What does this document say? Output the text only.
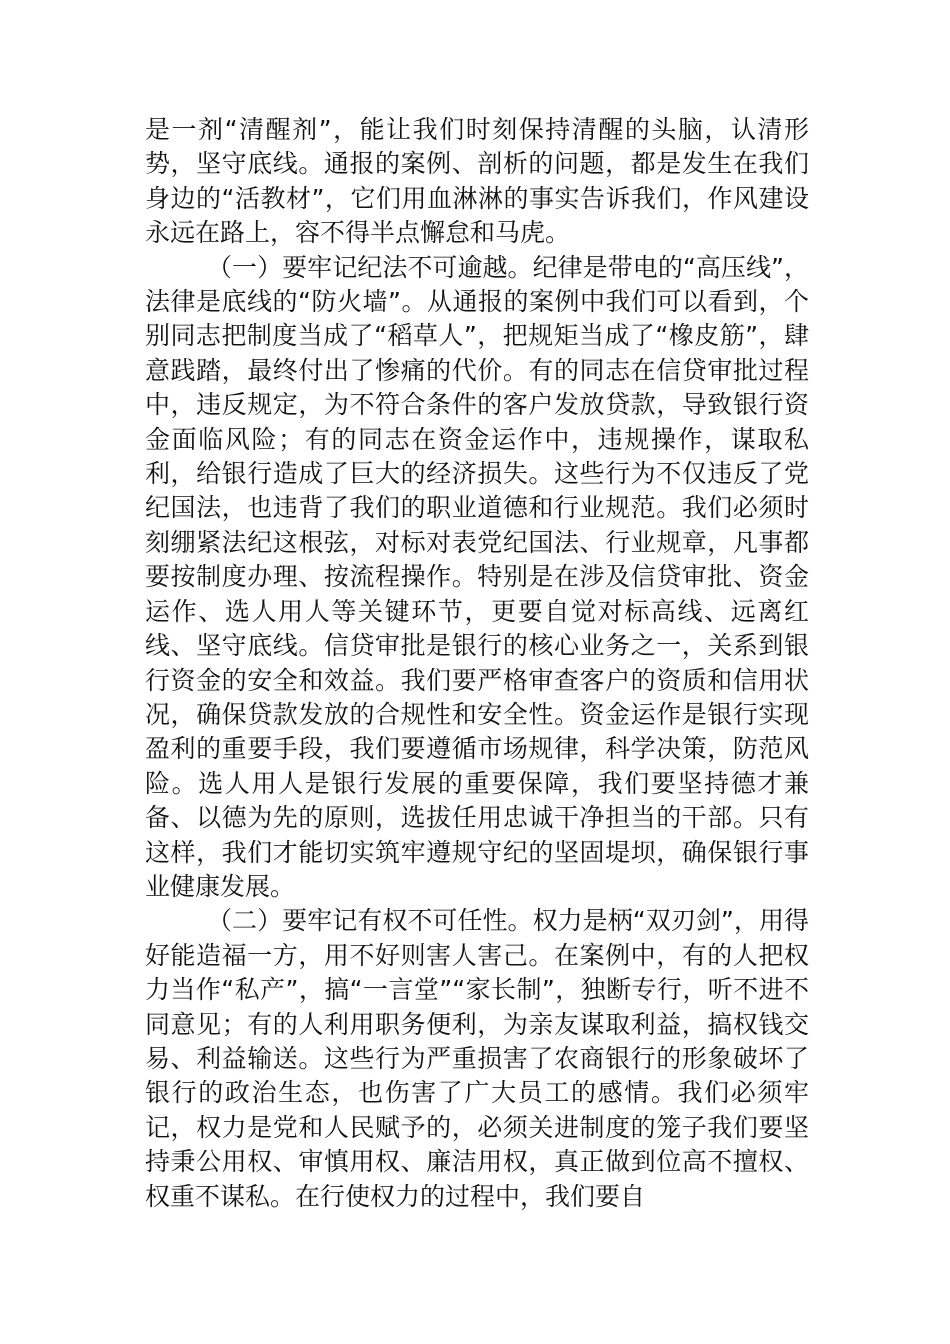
是一剂“清醒剂”，能让我们时刻保持清醒的头脑，认清形势，坚守底线。通报的案例、剖析的问题，都是发生在我们身边的“活教材”，它们用血淋淋的事实告诉我们，作风建设永远在路上，容不得半点懈怠和马虎。

（一）要牢记纪法不可逾越。纪律是带电的“高压线”，法律是底线的“防火墙”。从通报的案例中我们可以看到，个别同志把制度当成了“稻草人”，把规矩当成了“橡皮筋”，肆意践踏，最终付出了惨痛的代价。有的同志在信贷审批过程中，违反规定，为不符合条件的客户发放贷款，导致银行资金面临风险；有的同志在资金运作中，违规操作，谋取私利，给银行造成了巨大的经济损失。这些行为不仅违反了党纪国法，也违背了我们的职业道德和行业规范。我们必须时刻绷紧法纪这根弦，对标对表党纪国法、行业规章，凡事都要按制度办理、按流程操作。特别是在涉及信贷审批、资金运作、选人用人等关键环节，更要自觉对标高线、远离红线、坚守底线。信贷审批是银行的核心业务之一，关系到银行资金的安全和效益。我们要严格审查客户的资质和信用状况，确保贷款发放的合规性和安全性。资金运作是银行实现盈利的重要手段，我们要遵循市场规律，科学决策，防范风险。选人用人是银行发展的重要保障，我们要坚持德才兼备、以德为先的原则，选拔任用忠诚干净担当的干部。只有这样，我们才能切实筑牢遵规守纪的坚固堤坝，确保银行事业健康发展。

（二）要牢记有权不可任性。权力是柄“双刃剑”，用得好能造福一方，用不好则害人害己。在案例中，有的人把权力当作“私产”，搞“一言堂”“家长制”，独断专行，听不进不同意见；有的人利用职务便利，为亲友谋取利益，搞权钱交易、利益输送。这些行为严重损害了农商银行的形象破坏了银行的政治生态，也伤害了广大员工的感情。我们必须牢记，权力是党和人民赋予的，必须关进制度的笼子我们要坚持秉公用权、审慎用权、廉洁用权，真正做到位高不擅权、权重不谋私。在行使权力的过程中，我们要自
